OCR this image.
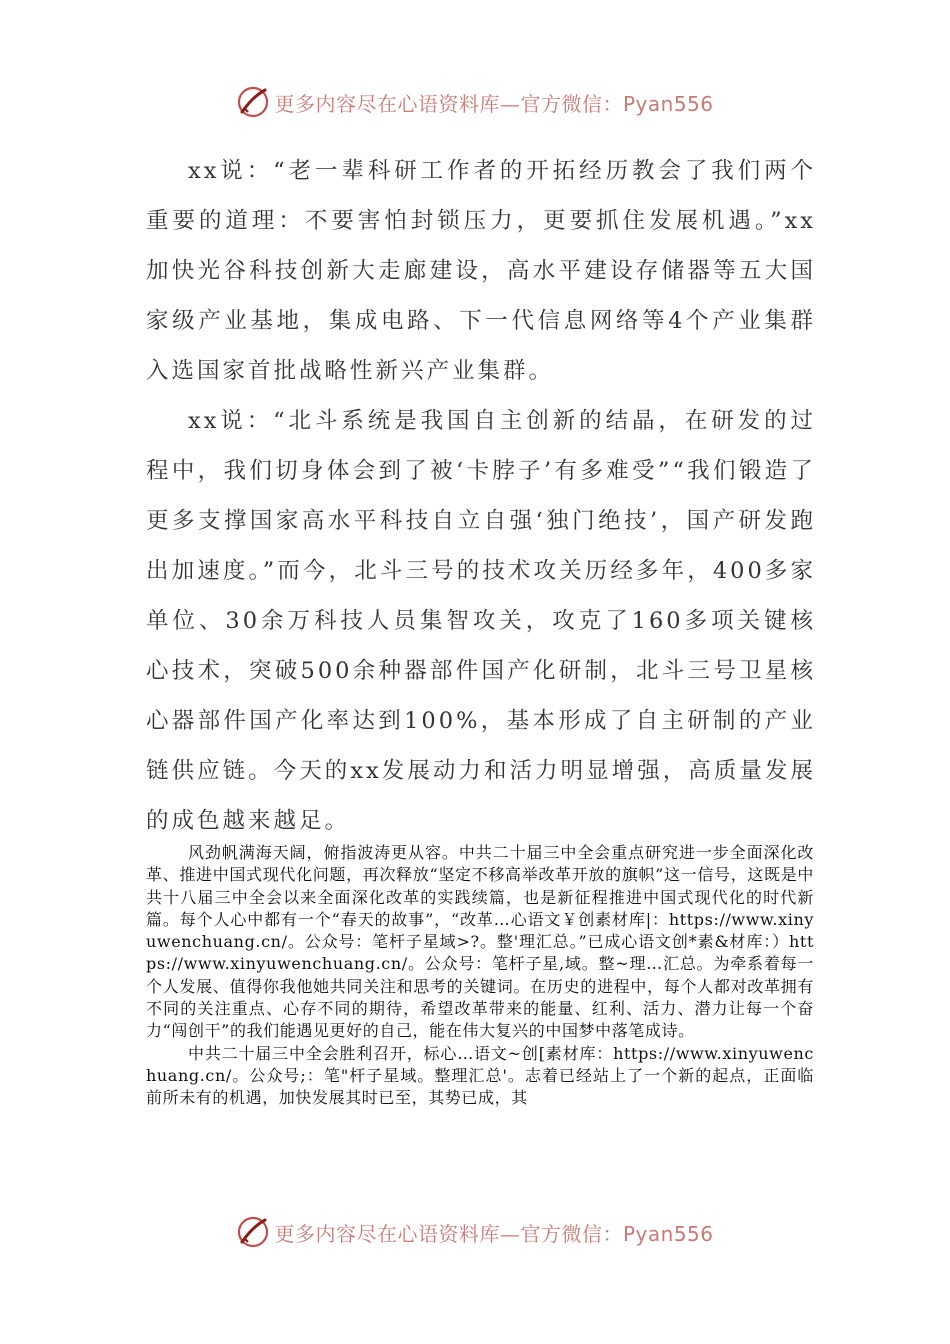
更多内容尽在心语资料库—官方微信：Pyan556

xx说：“老一辈科研工作者的开拓经历教会了我们两个重要的道理：不要害怕封锁压力，更要抓住发展机遇。”xx加快光谷科技创新大走廊建设，高水平建设存储器等五大国家级产业基地，集成电路、下一代信息网络等4个产业集群入选国家首批战略性新兴产业集群。

xx说：“北斗系统是我国自主创新的结晶，在研发的过程中，我们切身体会到了被‘卡脖子’有多难受”“我们锻造了更多支撑国家高水平科技自立自强‘独门绝技’，国产研发跑出加速度。”而今，北斗三号的技术攻关历经多年，400多家单位、30余万科技人员集智攻关，攻克了160多项关键核心技术，突破500余种器部件国产化研制，北斗三号卫星核心器部件国产化率达到100%，基本形成了自主研制的产业链供应链。今天的xx发展动力和活力明显增强，高质量发展的成色越来越足。

风劲帆满海天阔，俯指波涛更从容。中共二十届三中全会重点研究进一步全面深化改革、推进中国式现代化问题，再次释放“坚定不移高举改革开放的旗帜”这一信号，这既是中共十八届三中全会以来全面深化改革的实践续篇，也是新征程推进中国式现代化的时代新篇。每个人心中都有一个“春天的故事”，“改革…心语文￥创素材库|：https://www.xinyuwenchuang.cn/。公众号：笔杆子星域>?。整'理汇总。”已成心语文创*素&材库：）https://www.xinyuwenchuang.cn/。公众号：笔杆子星,域。整~理…汇总。为牵系着每一个人发展、值得你我他她共同关注和思考的关键词。在历史的进程中，每个人都对改革拥有不同的关注重点、心存不同的期待，希望改革带来的能量、红利、活力、潜力让每一个奋力“闯创干”的我们能遇见更好的自己，能在伟大复兴的中国梦中落笔成诗。

中共二十届三中全会胜利召开，标心…语文~创[素材库：https://www.xinyuwenchuang.cn/。公众号;：笔"杆子星域。整理汇总'。志着已经站上了一个新的起点，正面临前所未有的机遇，加快发展其时已至，其势已成，其

更多内容尽在心语资料库—官方微信：Pyan556
